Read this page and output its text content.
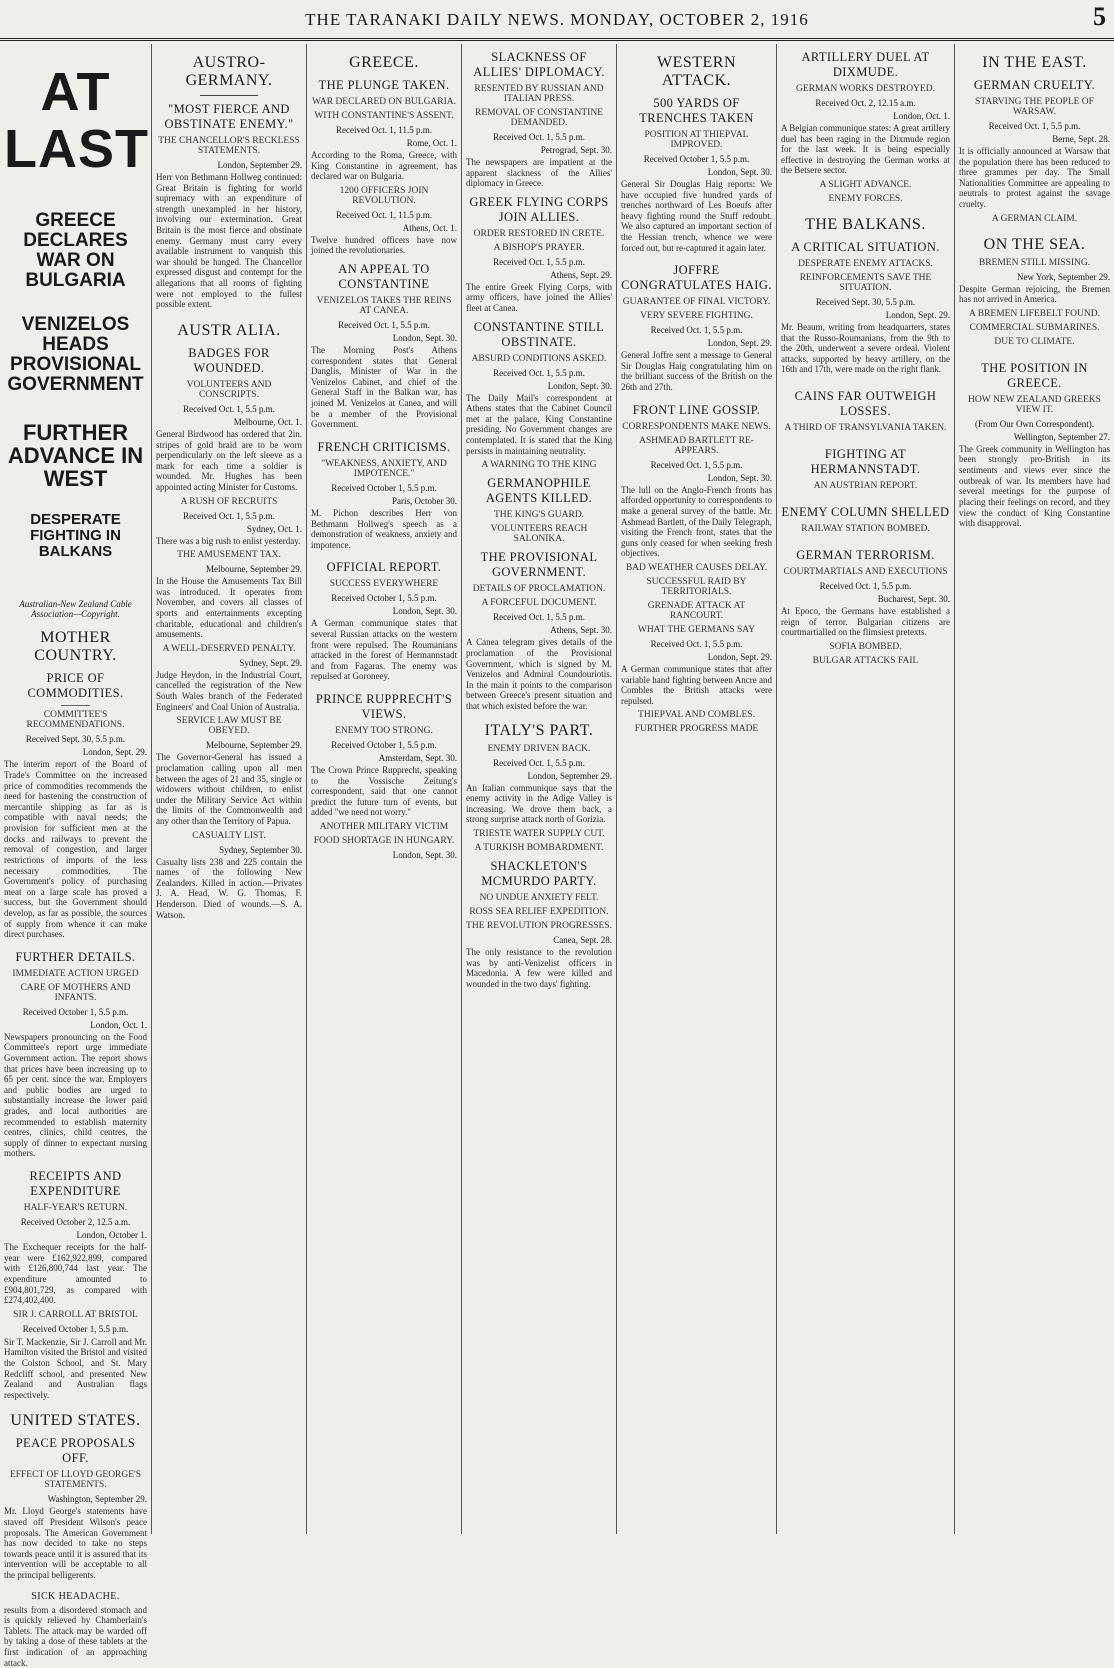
THE TARANAKI DAILY NEWS. MONDAY, OCTOBER 2, 1916	5
AT LAST
GREECE DECLARES WAR ON BULGARIA
VENIZELOS HEADS PROVISIONAL GOVERNMENT
FURTHER ADVANCE IN WEST
DESPERATE FIGHTING IN BALKANS
Australian-New Zealand Cable Association—Copyright.
MOTHER COUNTRY.
PRICE OF COMMODITIES.
COMMITTEE'S RECOMMENDATIONS.
Received Sept. 30, 5.5 p.m.
London, Sept. 29.
The interim report of the Board of Trade's Committee on the increased price of commodities recommends the need for hastening the construction of mercantile shipping as far as is compatible with naval needs; the provision for sufficient men at the docks and railways to prevent the removal of congestion, and larger restrictions of imports of the less necessary commodities. The Government's policy of purchasing meat on a large scale has proved a success, but the Government should develop, as far as possible, the sources of supply from whence it can make direct purchases.
FURTHER DETAILS.
IMMEDIATE ACTION URGED
CARE OF MOTHERS AND INFANTS.
Received October 1, 5.5 p.m.
London, Oct. 1.
Newspapers pronouncing on the Food Committee's report urge immediate Government action. The report shows that prices have been increasing up to 65 per cent. since the war. Employers and public bodies are urged to substantially increase the lower paid grades, and local authorities are recommended to establish maternity centres, clinics, child centres, the supply of dinner to expectant nursing mothers.
RECEIPTS AND EXPENDITURE
HALF-YEAR'S RETURN.
Received October 2, 12.5 a.m.
London, October 1.
The Exchequer receipts for the half-year were £162,922,899, compared with £126,800,744 last year. The expenditure amounted to £904,801,729, as compared with £274,402,400.
SIR J. CARROLL AT BRISTOL
Received October 1, 5.5 p.m.
Sir T. Mackenzie, Sir J. Carroll and Mr. Hamilton visited the Bristol and visited the Colston School, and St. Mary Redcliff school, and presented New Zealand and Australian flags respectively.
UNITED STATES.
PEACE PROPOSALS OFF.
EFFECT OF LLOYD GEORGE'S STATEMENTS.
Washington, September 29.
Mr. Lloyd George's statements have staved off President Wilson's peace proposals. The American Government has now decided to take no steps towards peace until it is assured that its intervention will be acceptable to all the principal belligerents.
SICK HEADACHE.
results from a disordered stomach and is quickly relieved by Chamberlain's Tablets. The attack may be warded off by taking a dose of these tablets at the first indication of an approaching attack.
AUSTRO-GERMANY.
"MOST FIERCE AND OBSTINATE ENEMY."
THE CHANCELLOR'S RECKLESS STATEMENTS.
London, September 29.
Herr von Bethmann Hollweg continued: Great Britain is fighting for world supremacy with an expenditure of strength unexampled in her history, involving our extermination. Great Britain is the most fierce and obstinate enemy. Germany must carry every available instrument to vanquish this war should be hanged. The Chancellor expressed disgust and contempt for the allegations that all rooms of fighting were not employed to the fullest possible extent.
AUSTR ALIA.
BADGES FOR WOUNDED.
VOLUNTEERS AND CONSCRIPTS.
Received Oct. 1, 5.5 p.m.
Melbourne, Oct. 1.
General Birdwood has ordered that 2in. stripes of gold braid are to be worn perpendicularly on the left sleeve as a mark for each time a soldier is wounded. Mr. Hughes has been appointed acting Minister for Customs.
A RUSH OF RECRUITS
Received Oct. 1, 5.5 p.m.
Sydney, Oct. 1.
There was a big rush to enlist yesterday.
THE AMUSEMENT TAX.
Melbourne, September 29.
In the House the Amusements Tax Bill was introduced. It operates from November, and covers all classes of sports and entertainments excepting charitable, educational and children's amusements.
A WELL-DESERVED PENALTY.
Sydney, Sept. 29.
Judge Heydon, in the Industrial Court, cancelled the registration of the New South Wales branch of the Federated Engineers' and Coal Union of Australia.
SERVICE LAW MUST BE OBEYED.
Melbourne, September 29.
The Governor-General has issued a proclamation calling upon all men between the ages of 21 and 35, single or widowers without children, to enlist under the Military Service Act within the limits of the Commonwealth and any other than the Territory of Papua.
CASUALTY LIST.
Sydney, September 30.
Casualty lists 238 and 225 contain the names of the following New Zealanders. Killed in action.—Privates J. A. Head, W. G. Thomas, F. Henderson. Died of wounds.—S. A. Watson.
GREECE.
THE PLUNGE TAKEN.
WAR DECLARED ON BULGARIA.
WITH CONSTANTINE'S ASSENT.
Received Oct. 1, 11.5 p.m.
Rome, Oct. 1.
According to the Roma, Greece, with King Constantine in agreement, has declared war on Bulgaria.
1200 OFFICERS JOIN REVOLUTION.
Received Oct. 1, 11.5 p.m.
Athens, Oct. 1.
Twelve hundred officers have now joined the revolutionaries.
AN APPEAL TO CONSTANTINE
VENIZELOS TAKES THE REINS AT CANEA.
Received Oct. 1, 5.5 p.m.
London, Sept. 30.
The Morning Post's Athens correspondent states that General Danglis, Minister of War in the Venizelos Cabinet, and chief of the General Staff in the Balkan war, has joined M. Venizelos at Canea, and will be a member of the Provisional Government.
FRENCH CRITICISMS.
"WEAKNESS, ANXIETY, AND IMPOTENCE."
Received October 1, 5.5 p.m.
Paris, October 30.
M. Pichon describes Herr von Bethmann Hollweg's speech as a demonstration of weakness, anxiety and impotence.
OFFICIAL REPORT.
SUCCESS EVERYWHERE
Received October 1, 5.5 p.m.
London, Sept. 30.
A German communique states that several Russian attacks on the western front were repulsed. The Roumanians attacked in the forest of Hermannstadt and from Fagaras. The enemy was repulsed at Goroneey.
PRINCE RUPPRECHT'S VIEWS.
ENEMY TOO STRONG.
Received October 1, 5.5 p.m.
Amsterdam, Sept. 30.
The Crown Prince Rupprecht, speaking to the Vossische Zeitung's correspondent, said that one cannot predict the future turn of events, but added "we need not worry."
ANOTHER MILITARY VICTIM
FOOD SHORTAGE IN HUNGARY.
London, Sept. 30.
SLACKNESS OF ALLIES' DIPLOMACY.
RESENTED BY RUSSIAN AND ITALIAN PRESS.
REMOVAL OF CONSTANTINE DEMANDED.
Received Oct. 1, 5.5 p.m.
Petrograd, Sept. 30.
The newspapers are impatient at the apparent slackness of the Allies' diplomacy in Greece.
GREEK FLYING CORPS JOIN ALLIES.
ORDER RESTORED IN CRETE.
A BISHOP'S PRAYER.
Received Oct. 1, 5.5 p.m.
Athens, Sept. 29.
The entire Greek Flying Corps, with army officers, have joined the Allies' fleet at Canea.
CONSTANTINE STILL OBSTINATE.
ABSURD CONDITIONS ASKED.
Received Oct. 1, 5.5 p.m.
London, Sept. 30.
The Daily Mail's correspondent at Athens states that the Cabinet Council met at the palace, King Constantine presiding. No Government changes are contemplated. It is stated that the King persists in maintaining neutrality.
A WARNING TO THE KING
GERMANOPHILE AGENTS KILLED.
THE KING'S GUARD.
VOLUNTEERS REACH SALONIKA.
THE PROVISIONAL GOVERNMENT.
DETAILS OF PROCLAMATION.
A FORCEFUL DOCUMENT.
Received Oct. 1, 5.5 p.m.
Athens, Sept. 30.
A Canea telegram gives details of the proclamation of the Provisional Government, which is signed by M. Venizelos and Admiral Coundouriotis. In the main it points to the comparison between Greece's present situation and that which existed before the war.
ITALY'S PART.
ENEMY DRIVEN BACK.
Received Oct. 1, 5.5 p.m.
London, September 29.
An Italian communique says that the enemy activity in the Adige Valley is increasing. We drove them back, a strong surprise attack north of Gorizia.
TRIESTE WATER SUPPLY CUT.
A TURKISH BOMBARDMENT.
SHACKLETON'S MCMURDO PARTY.
NO UNDUE ANXIETY FELT.
ROSS SEA RELIEF EXPEDITION.
THE REVOLUTION PROGRESSES.
Canea, Sept. 28.
The only resistance to the revolution was by anti-Venizelist officers in Macedonia. A few were killed and wounded in the two days' fighting.
WESTERN ATTACK.
500 YARDS OF TRENCHES TAKEN
POSITION AT THIEPVAL IMPROVED.
Received October 1, 5.5 p.m.
London, Sept. 30.
General Sir Douglas Haig reports: We have occupied five hundred yards of trenches northward of Les Boeufs after heavy fighting round the Stuff redoubt. We also captured an important section of the Hessian trench, whence we were forced out, but re-captured it again later.
JOFFRE CONGRATULATES HAIG.
GUARANTEE OF FINAL VICTORY.
VERY SEVERE FIGHTING.
Received Oct. 1, 5.5 p.m.
London, Sept. 29.
General Joffre sent a message to General Sir Douglas Haig congratulating him on the brilliant success of the British on the 26th and 27th.
FRONT LINE GOSSIP.
CORRESPONDENTS MAKE NEWS.
ASHMEAD BARTLETT RE-APPEARS.
Received Oct. 1, 5.5 p.m.
London, Sept. 30.
The lull on the Anglo-French fronts has afforded opportunity to correspondents to make a general survey of the battle. Mr. Ashmead Bartlett, of the Daily Telegraph, visiting the French front, states that the guns only ceased for when seeking fresh objectives.
BAD WEATHER CAUSES DELAY.
SUCCESSFUL RAID BY TERRITORIALS.
GRENADE ATTACK AT RANCOURT.
WHAT THE GERMANS SAY
Received Oct. 1, 5.5 p.m.
London, Sept. 29.
A German communique states that after variable hand fighting between Ancre and Combles the British attacks were repulsed.
THIEPVAL AND COMBLES.
FURTHER PROGRESS MADE
ARTILLERY DUEL AT DIXMUDE.
GERMAN WORKS DESTROYED.
Received Oct. 2, 12.15 a.m.
London, Oct. 1.
A Belgian communique states: A great artillery duel has been raging in the Dixmude region for the last week. It is being especially effective in destroying the German works at the Betsere sector.
A SLIGHT ADVANCE.
ENEMY FORCES.
THE BALKANS.
A CRITICAL SITUATION.
DESPERATE ENEMY ATTACKS.
REINFORCEMENTS SAVE THE SITUATION.
Received Sept. 30, 5.5 p.m.
London, Sept. 29.
Mr. Beaum, writing from headquarters, states that the Russo-Roumanians, from the 9th to the 20th, underwent a severe ordeal. Violent attacks, supported by heavy artillery, on the 16th and 17th, were made on the right flank.
CAINS FAR OUTWEIGH LOSSES.
A THIRD OF TRANSYLVANIA TAKEN.
FIGHTING AT HERMANNSTADT.
AN AUSTRIAN REPORT.
ENEMY COLUMN SHELLED
RAILWAY STATION BOMBED.
GERMAN TERRORISM.
COURTMARTIALS AND EXECUTIONS
Received Oct. 1, 5.5 p.m.
Bucharest, Sept. 30.
At Epoco, the Germans have established a reign of terror. Bulgarian citizens are courtmartialled on the flimsiest pretexts.
SOFIA BOMBED.
BULGAR ATTACKS FAIL
IN THE EAST.
GERMAN CRUELTY.
STARVING THE PEOPLE OF WARSAW.
Received Oct. 1, 5.5 p.m.
Berne, Sept. 28.
It is officially announced at Warsaw that the population there has been reduced to three grammes per day. The Small Nationalities Committee are appealing to neutrals to protest against the savage cruelty.
A GERMAN CLAIM.
ON THE SEA.
BREMEN STILL MISSING.
New York, September 29.
Despite German rejoicing, the Bremen has not arrived in America.
A BREMEN LIFEBELT FOUND.
COMMERCIAL SUBMARINES.
DUE TO CLIMATE.
THE POSITION IN GREECE.
HOW NEW ZEALAND GREEKS VIEW IT.
(From Our Own Correspondent).
Wellington, September 27.
The Greek community in Wellington has been strongly pro-British in its sentiments and views ever since the outbreak of war. Its members have had several meetings for the purpose of placing their feelings on record, and they view the conduct of King Constantine with disapproval.
